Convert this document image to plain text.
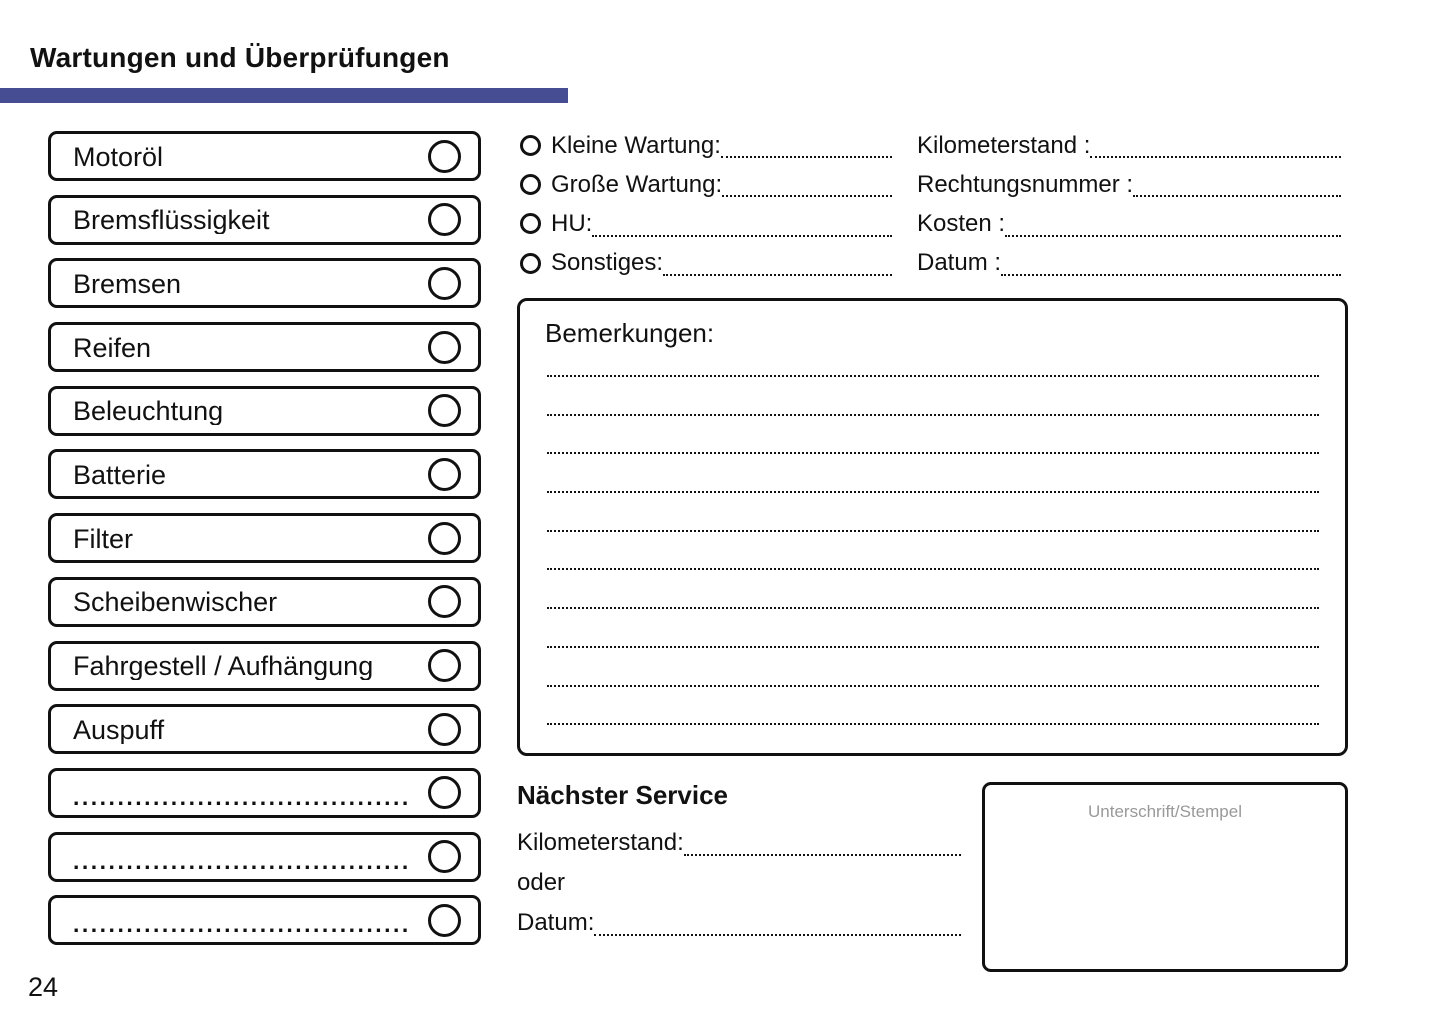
Wartungen und Überprüfungen
Motoröl
Bremsflüssigkeit
Bremsen
Reifen
Beleuchtung
Batterie
Filter
Scheibenwischer
Fahrgestell / Aufhängung
Auspuff
......................................
......................................
......................................
Kleine Wartung:
Große Wartung:
HU:
Sonstiges:
Kilometerstand :
Rechtungsnummer :
Kosten :
Datum :
Bemerkungen:
Nächster Service
Kilometerstand:
oder
Datum:
Unterschrift/Stempel
24
